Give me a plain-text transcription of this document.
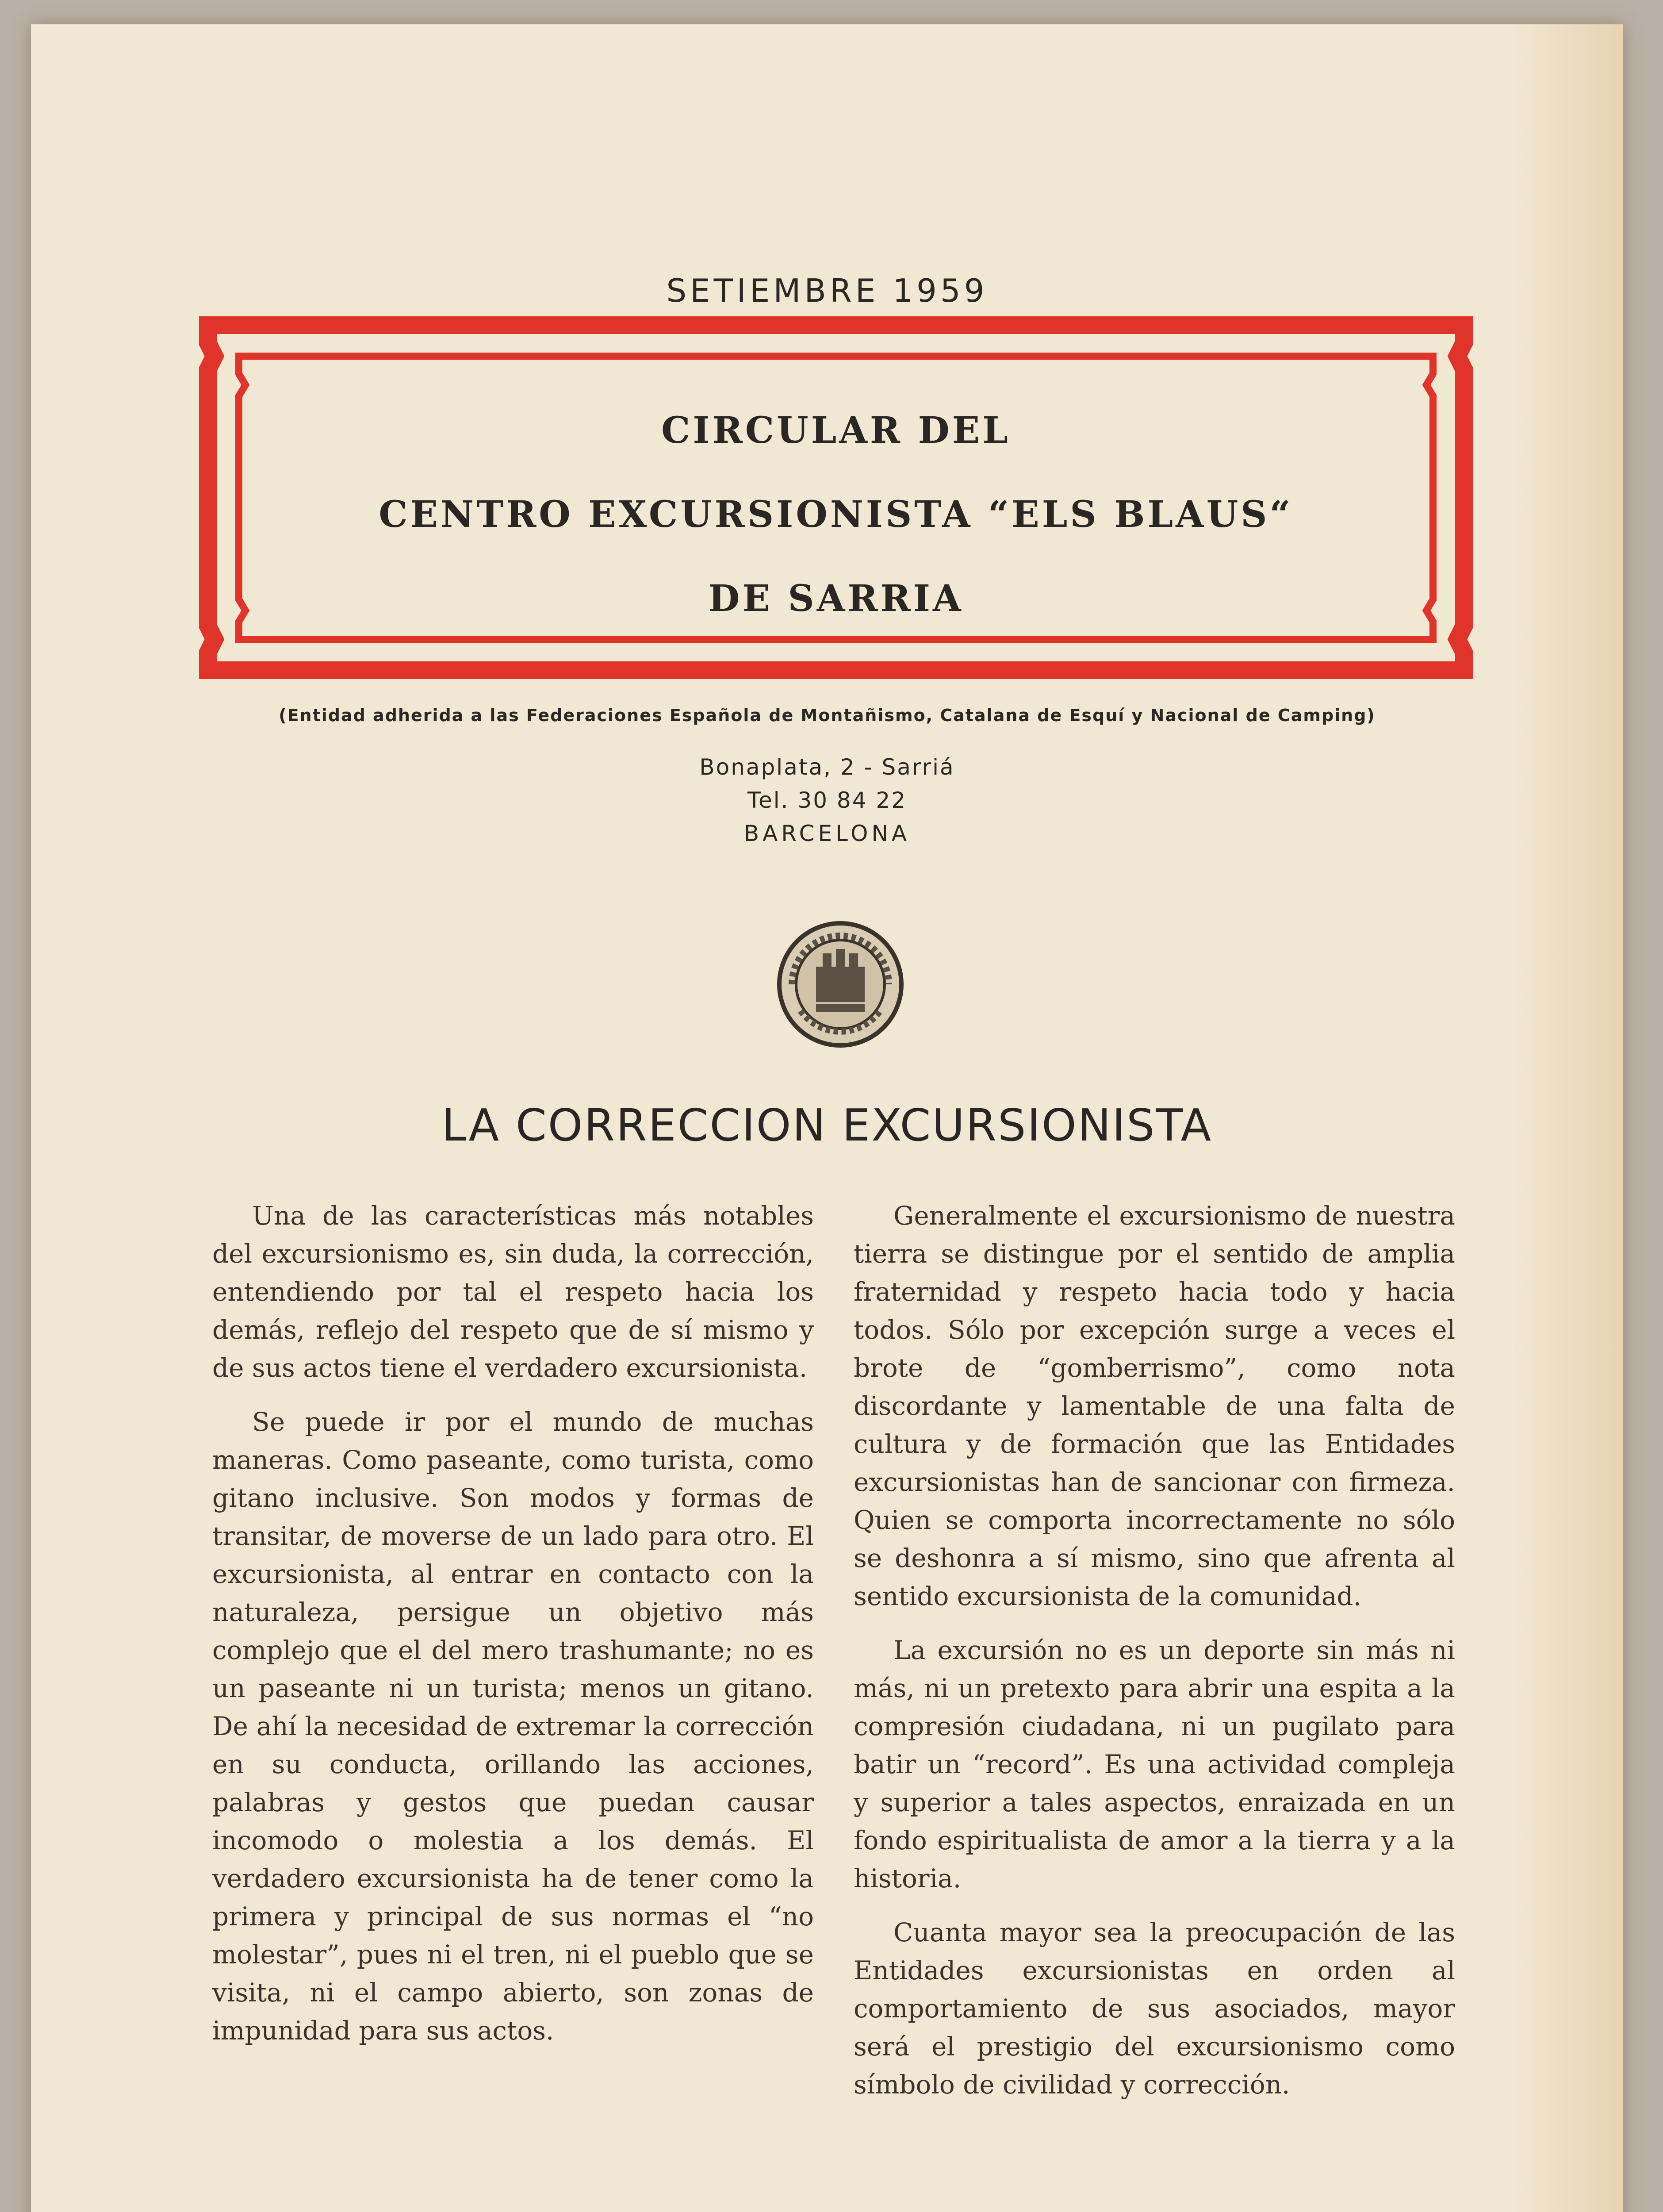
SETIEMBRE 1959
CIRCULAR DEL
CENTRO EXCURSIONISTA “ELS BLAUS“
DE SARRIA
(Entidad adherida a las Federaciones Española de Montañismo, Catalana de Esquí y Nacional de Camping)
Bonaplata, 2 - Sarriá
Tel. 30 84 22
BARCELONA
LA CORRECCION EXCURSIONISTA

Una de las características más notables del excursionismo es, sin duda, la corrección, entendiendo por tal el respeto hacia los demás, reflejo del respeto que de sí mismo y de sus actos tiene el verdadero excursionista.

Se puede ir por el mundo de muchas maneras. Como paseante, como turista, como gitano inclusive. Son modos y formas de transitar, de moverse de un lado para otro. El excursionista, al entrar en contacto con la naturaleza, persigue un objetivo más complejo que el del mero trashumante; no es un paseante ni un turista; menos un gitano. De ahí la necesidad de extremar la corrección en su conducta, orillando las acciones, palabras y gestos que puedan causar incomodo o molestia a los demás. El verdadero excursionista ha de tener como la primera y principal de sus normas el “no molestar”, pues ni el tren, ni el pueblo que se visita, ni el campo abierto, son zonas de impunidad para sus actos.

Generalmente el excursionismo de nuestra tierra se distingue por el sentido de amplia fraternidad y respeto hacia todo y hacia todos. Sólo por excepción surge a veces el brote de “gomberrismo”, como nota discordante y lamentable de una falta de cultura y de formación que las Entidades excursionistas han de sancionar con firmeza. Quien se comporta incorrectamente no sólo se deshonra a sí mismo, sino que afrenta al sentido excursionista de la comunidad.

La excursión no es un deporte sin más ni más, ni un pretexto para abrir una espita a la compresión ciudadana, ni un pugilato para batir un “record”. Es una actividad compleja y superior a tales aspectos, enraizada en un fondo espiritualista de amor a la tierra y a la historia.

Cuanta mayor sea la preocupación de las Entidades excursionistas en orden al comportamiento de sus asociados, mayor será el prestigio del excursionismo como símbolo de civilidad y corrección.
